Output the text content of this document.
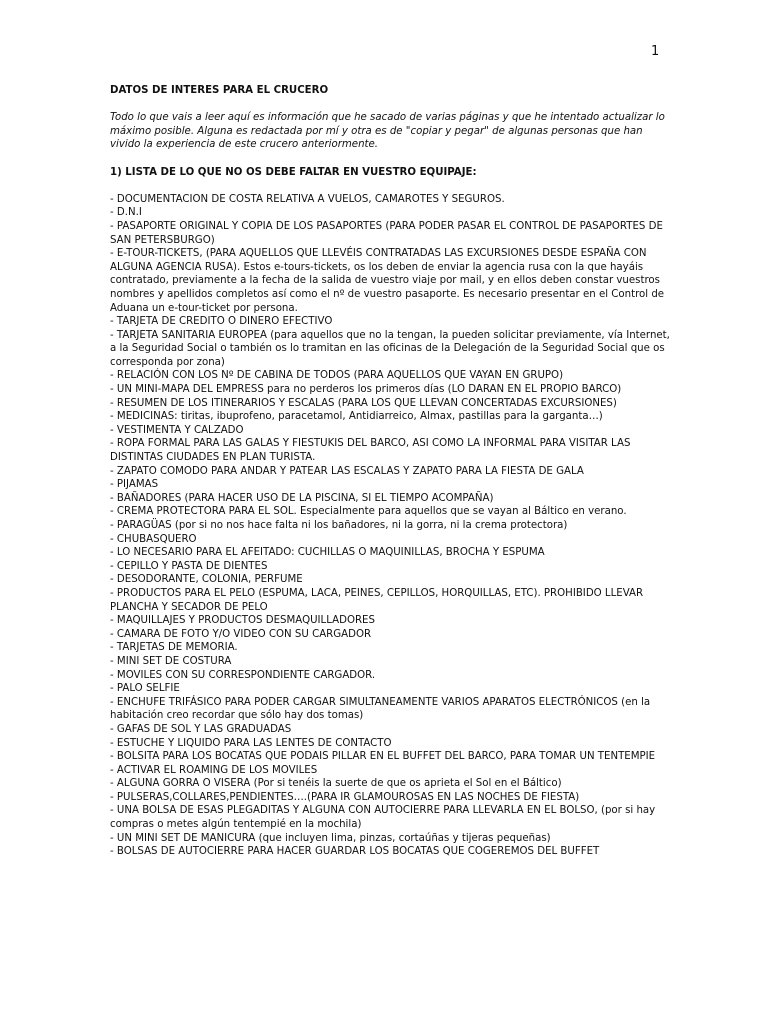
1

DATOS DE INTERES PARA EL CRUCERO

Todo lo que vais a leer aquí es información que he sacado de varias páginas y que he intentado actualizar lo máximo posible. Alguna es redactada por mí y otra es de "copiar y pegar" de algunas personas que han vivido la experiencia de este crucero anteriormente.

1) LISTA DE LO QUE NO OS DEBE FALTAR EN VUESTRO EQUIPAJE:

- DOCUMENTACION DE COSTA RELATIVA A VUELOS, CAMAROTES Y SEGUROS.
- D.N.I
- PASAPORTE ORIGINAL Y COPIA DE LOS PASAPORTES (PARA PODER PASAR EL CONTROL DE PASAPORTES DE SAN PETERSBURGO)
- E-TOUR-TICKETS, (PARA AQUELLOS QUE LLEVÉIS CONTRATADAS LAS EXCURSIONES DESDE ESPAÑA CON ALGUNA AGENCIA RUSA). Estos e-tours-tickets, os los deben de enviar la agencia rusa con la que hayáis contratado, previamente a la fecha de la salida de vuestro viaje por mail, y en ellos deben constar vuestros nombres y apellidos completos así como el nº de vuestro pasaporte. Es necesario presentar en el Control de Aduana un e-tour-ticket por persona.
- TARJETA DE CREDITO O DINERO EFECTIVO
- TARJETA SANITARIA EUROPEA (para aquellos que no la tengan, la pueden solicitar previamente, vía Internet, a la Seguridad Social o también os lo tramitan en las oficinas de la Delegación de la Seguridad Social que os corresponda por zona)
- RELACIÓN CON LOS Nº DE CABINA DE TODOS (PARA AQUELLOS QUE VAYAN EN GRUPO)
- UN MINI-MAPA DEL EMPRESS para no perderos los primeros días (LO DARAN EN EL PROPIO BARCO)
- RESUMEN DE LOS ITINERARIOS Y ESCALAS (PARA LOS QUE LLEVAN CONCERTADAS EXCURSIONES)
- MEDICINAS: tiritas, ibuprofeno, paracetamol, Antidiarreico, Almax, pastillas para la garganta…)
- VESTIMENTA Y CALZADO
- ROPA FORMAL PARA LAS GALAS Y FIESTUKIS DEL BARCO, ASI COMO LA INFORMAL PARA VISITAR LAS DISTINTAS CIUDADES EN PLAN TURISTA.
- ZAPATO COMODO PARA ANDAR Y PATEAR LAS ESCALAS Y ZAPATO PARA LA FIESTA DE GALA
- PIJAMAS
- BAÑADORES (PARA HACER USO DE LA PISCINA, SI EL TIEMPO ACOMPAÑA)
- CREMA PROTECTORA PARA EL SOL. Especialmente para aquellos que se vayan al Báltico en verano.
- PARAGÜAS (por si no nos hace falta ni los bañadores, ni la gorra, ni la crema protectora)
- CHUBASQUERO
- LO NECESARIO PARA EL AFEITADO: CUCHILLAS O MAQUINILLAS, BROCHA Y ESPUMA
- CEPILLO Y PASTA DE DIENTES
- DESODORANTE, COLONIA, PERFUME
- PRODUCTOS PARA EL PELO (ESPUMA, LACA, PEINES, CEPILLOS, HORQUILLAS, ETC). PROHIBIDO LLEVAR PLANCHA Y SECADOR DE PELO
- MAQUILLAJES Y PRODUCTOS DESMAQUILLADORES
- CAMARA DE FOTO Y/O VIDEO CON SU CARGADOR
- TARJETAS DE MEMORIA.
- MINI SET DE COSTURA
- MOVILES CON SU CORRESPONDIENTE CARGADOR.
- PALO SELFIE
- ENCHUFE TRIFÁSICO PARA PODER CARGAR SIMULTANEAMENTE VARIOS APARATOS ELECTRÓNICOS (en la habitación creo recordar que sólo hay dos tomas)
- GAFAS DE SOL Y LAS GRADUADAS
- ESTUCHE Y LIQUIDO PARA LAS LENTES DE CONTACTO
- BOLSITA PARA LOS BOCATAS QUE PODAIS PILLAR EN EL BUFFET DEL BARCO, PARA TOMAR UN TENTEMPIE
- ACTIVAR EL ROAMING DE LOS MOVILES
- ALGUNA GORRA O VISERA (Por si tenéis la suerte de que os aprieta el Sol en el Báltico)
- PULSERAS,COLLARES,PENDIENTES….(PARA IR GLAMOUROSAS EN LAS NOCHES DE FIESTA)
- UNA BOLSA DE ESAS PLEGADITAS Y ALGUNA CON AUTOCIERRE PARA LLEVARLA EN EL BOLSO, (por si hay compras o metes algún tentempié en la mochila)
- UN MINI SET DE MANICURA (que incluyen lima, pinzas, cortaúñas y tijeras pequeñas)
- BOLSAS DE AUTOCIERRE PARA HACER GUARDAR LOS BOCATAS QUE COGEREMOS DEL BUFFET
